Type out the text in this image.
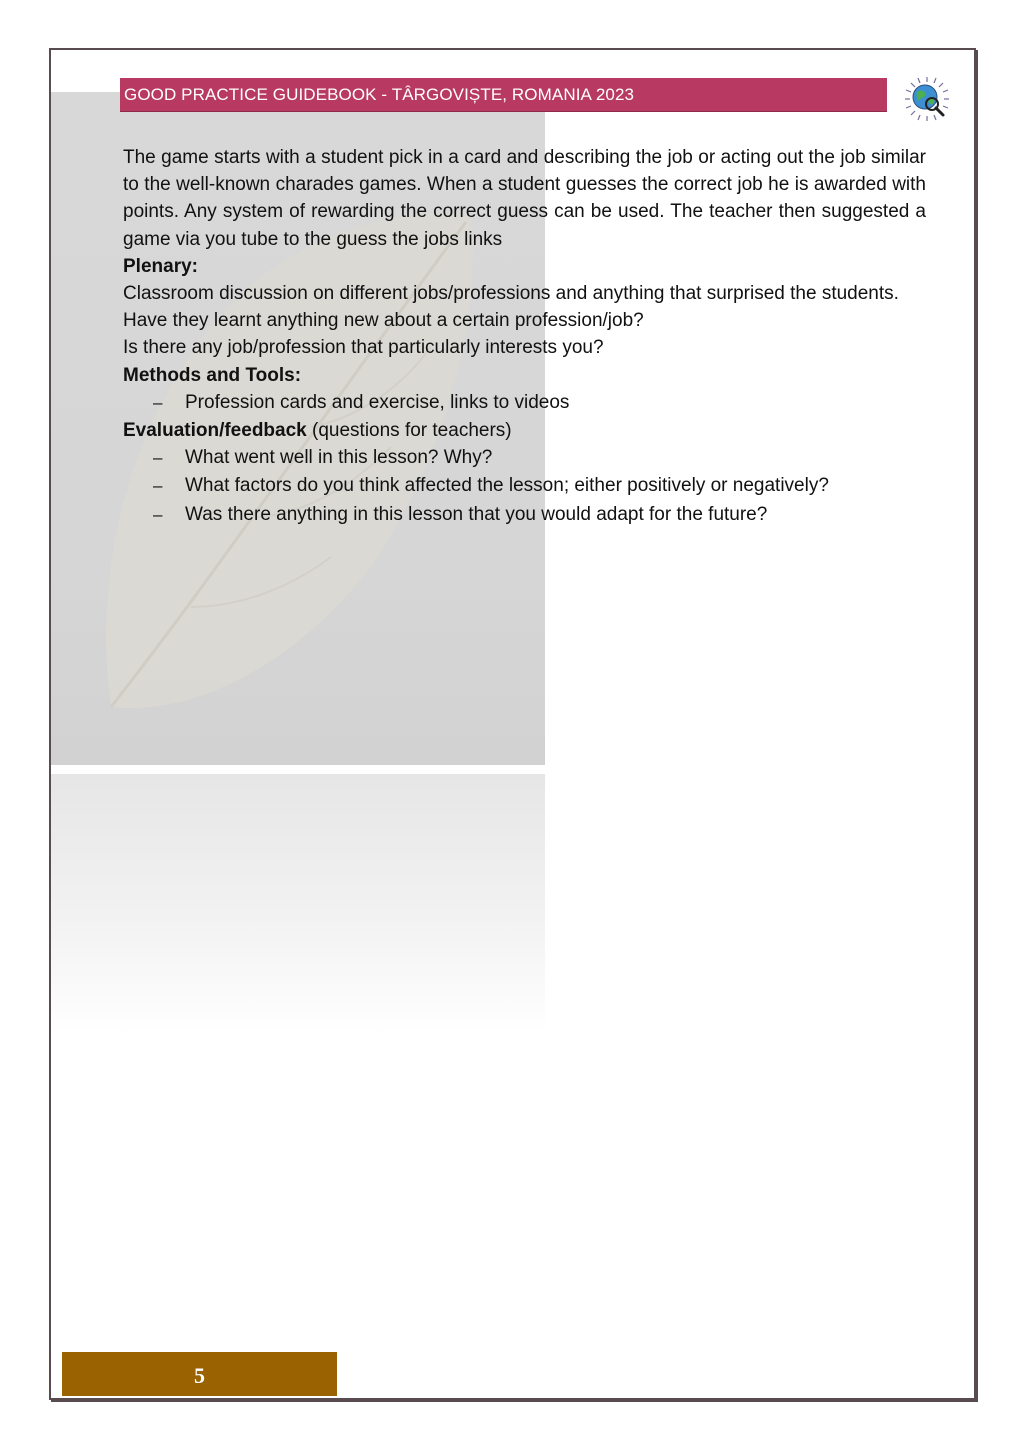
GOOD PRACTICE GUIDEBOOK - TÂRGOVIȘTE, ROMANIA 2023

The game starts with a student pick in a card and describing the job or acting out the job similar to the well-known charades games. When a student guesses the correct job he is awarded with points. Any system of rewarding the correct guess can be used. The teacher then suggested a game via you tube to the guess the jobs links

Plenary:

Classroom discussion on different jobs/professions and anything that surprised the students.

Have they learnt anything new about a certain profession/job?
Is there any job/profession that particularly interests you?
Methods and Tools:
– Profession cards and exercise, links to videos
Evaluation/feedback (questions for teachers)
– What went well in this lesson? Why?
– What factors do you think affected the lesson; either positively or negatively?
– Was there anything in this lesson that you would adapt for the future?
5
